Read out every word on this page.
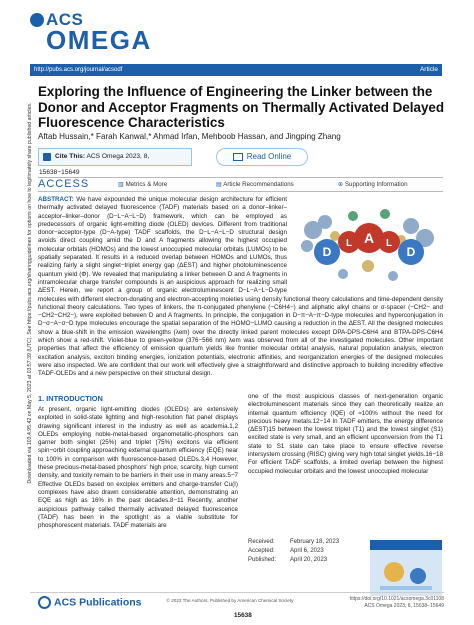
ACS
OMEGA
http://pubs.acs.org/journal/acsodf	Article
Exploring the Influence of Engineering the Linker between the Donor and Acceptor Fragments on Thermally Activated Delayed Fluorescence Characteristics
Aftab Hussain,* Farah Kanwal,* Ahmad Irfan, Mehboob Hassan, and Jingping Zhang
Cite This: ACS Omega 2023, 8, 15638−15649
Read Online
ACCESS	▥ Metrics & More	▤ Article Recommendations	⊕ Supporting Information
D
L A L
D
ABSTRACT: We have expounded the unique molecular design architecture for efficient thermally activated delayed fluorescence (TADF) materials based on a donor–linker–acceptor–linker–donor (D−L−A−L−D) framework, which can be employed as predecessors of organic light-emitting diode (OLED) devices. Different from traditional donor−acceptor-type (D−A-type) TADF scaffolds, the D−L−A−L−D structural design avoids direct coupling amid the D and A fragments allowing the highest occupied molecular orbitals (HOMOs) and the lowest unoccupied molecular orbitals (LUMOs) to be spatially separated. It results in a reduced overlap between HOMOs and LUMOs, thus realizing fairly a slight singlet−triplet energy gap (ΔEST) and higher photoluminescence quantum yield (Φ). We revealed that manipulating a linker between D and A fragments in intramolecular charge transfer compounds is an auspicious approach for realizing small ΔEST. Herein, we report a group of organic electroluminescent D−L−A−L−D-type molecules with different electron-donating and electron-accepting moieties using density functional theory calculations and time-dependent density functional theory calculations. Two types of linkers, the π-conjugated phenylene (−C6H4−) and aliphatic alkyl chains or σ-spacer (−CH2− and −CH2−CH2−), were exploited between D and A fragments. In principle, the conjugation in D−π−A−π−D-type molecules and hyperconjugation in D−σ−A−σ−D type molecules encourage the spatial separation of the HOMO−LUMO causing a reduction in the ΔEST. All the designed molecules show a blue-shift in the emission wavelengths (λem) over the directly linked parent molecules except DPA-DPS-C6H4 and BTPA-DPS-C6H4 which show a red-shift. Violet-blue to green-yellow (376−566 nm) λem was observed from all of the investigated molecules. Other important properties that affect the efficiency of emission quantum yields like frontier molecular orbital analysis, natural population analysis, electron excitation analysis, exciton binding energies, ionization potentials, electronic affinities, and reorganization energies of the designed molecules were also inspected. We are confident that our work will effectively give a straightforward and distinctive approach to building incredibly effective TADF-OLEDs and a new perspective on their structural design.
1. INTRODUCTION
At present, organic light-emitting diodes (OLEDs) are extensively exploited in solid-state lighting and high-resolution flat panel displays drawing significant interest in the industry as well as academia.1,2 OLEDs employing noble-metal-based organometallic-phosphors can garner both singlet (25%) and triplet (75%) excitons via efficient spin−orbit coupling approaching external quantum efficiency (EQE) near to 100% in comparison with fluorescence-based OLEDs.3,4 However, these precious-metal-based phosphors' high price, scarcity, high current density, and toxicity remain to be barriers in their use in many areas.5−7 Effective OLEDs based on exciplex emitters and charge-transfer Cu(I) complexes have also drawn considerable attention, demonstrating an EQE as high as 16% in the past decades.8−11 Recently, another auspicious pathway called thermally activated delayed fluorescence (TADF) has been in the spotlight as a viable substitute for phosphorescent materials. TADF materials are
one of the most auspicious classes of next-generation organic electroluminescent materials since they can theoretically realize an internal quantum efficiency (IQE) of ≈100% without the need for precious heavy metals.12−14 In TADF emitters, the energy difference (ΔEST)15 between the lowest triplet (T1) and the lowest singlet (S1) excited state is very small, and an efficient upconversion from the T1 state to S1 state can take place to ensure effective reverse intersystem crossing (RISC) giving very high total singlet yields.16−18 For efficient TADF scaffolds, a limited overlap between the highest occupied molecular orbitals and the lowest unoccupied molecular
Received:	February 18, 2023
Accepted:	April 6, 2023
Published: April 20, 2023
ACS Publications	© 2023 The Authors. Published by American Chemical Society
15638
https://doi.org/10.1021/acsomega.3c01108
ACS Omega 2023, 8, 15638−15649
Downloaded via 103.4.95.42 on May 5, 2023 at 03:57:39 (UTC). See https://pubs.acs.org/sharingguidelines for options on how to legitimately share published articles.
